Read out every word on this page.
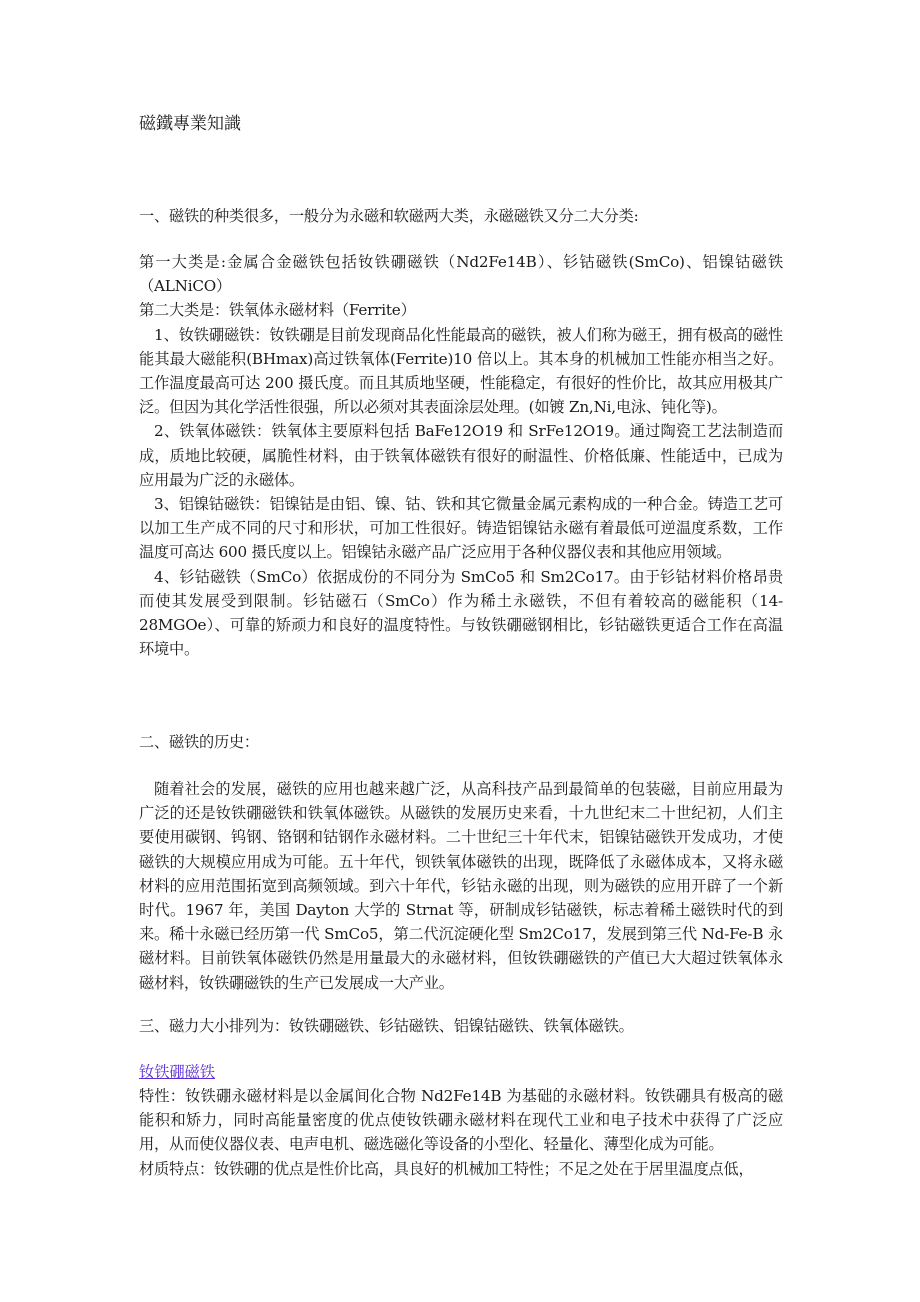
磁鐵專業知識

一、磁铁的种类很多，一般分为永磁和软磁两大类，永磁磁铁又分二大分类:

第一大类是:金属合金磁铁包括钕铁硼磁铁（Nd2Fe14B）、钐钴磁铁(SmCo)、铝镍钴磁铁（ALNiCO）

第二大类是：铁氧体永磁材料（Ferrite）

1、钕铁硼磁铁：钕铁硼是目前发现商品化性能最高的磁铁，被人们称为磁王，拥有极高的磁性能其最大磁能积(BHmax)高过铁氧体(Ferrite)10 倍以上。其本身的机械加工性能亦相当之好。工作温度最高可达 200 摄氏度。而且其质地坚硬，性能稳定，有很好的性价比，故其应用极其广泛。但因为其化学活性很强，所以必须对其表面涂层处理。(如镀 Zn,Ni,电泳、钝化等)。

2、铁氧体磁铁：铁氧体主要原料包括 BaFe12O19 和 SrFe12O19。通过陶瓷工艺法制造而成，质地比较硬，属脆性材料，由于铁氧体磁铁有很好的耐温性、价格低廉、性能适中，已成为应用最为广泛的永磁体。

3、铝镍钴磁铁：铝镍钴是由铝、镍、钴、铁和其它微量金属元素构成的一种合金。铸造工艺可以加工生产成不同的尺寸和形状，可加工性很好。铸造铝镍钴永磁有着最低可逆温度系数，工作温度可高达 600 摄氏度以上。铝镍钴永磁产品广泛应用于各种仪器仪表和其他应用领域。

4、钐钴磁铁（SmCo）依据成份的不同分为 SmCo5 和 Sm2Co17。由于钐钴材料价格昂贵而使其发展受到限制。钐钴磁石（SmCo）作为稀土永磁铁，不但有着较高的磁能积（14-28MGOe）、可靠的矫顽力和良好的温度特性。与钕铁硼磁钢相比，钐钴磁铁更适合工作在高温环境中。

二、磁铁的历史：

随着社会的发展，磁铁的应用也越来越广泛，从高科技产品到最简单的包装磁，目前应用最为广泛的还是钕铁硼磁铁和铁氧体磁铁。从磁铁的发展历史来看，十九世纪末二十世纪初，人们主要使用碳钢、钨钢、铬钢和钴钢作永磁材料。二十世纪三十年代末，铝镍钴磁铁开发成功，才使磁铁的大规模应用成为可能。五十年代，钡铁氧体磁铁的出现，既降低了永磁体成本，又将永磁材料的应用范围拓宽到高频领域。到六十年代，钐钴永磁的出现，则为磁铁的应用开辟了一个新时代。1967 年，美国 Dayton 大学的 Strnat 等，研制成钐钴磁铁，标志着稀土磁铁时代的到来。稀十永磁已经历第一代 SmCo5，第二代沉淀硬化型 Sm2Co17，发展到第三代 Nd-Fe-B 永磁材料。目前铁氧体磁铁仍然是用量最大的永磁材料，但钕铁硼磁铁的产值已大大超过铁氧体永磁材料，钕铁硼磁铁的生产已发展成一大产业。

三、磁力大小排列为：钕铁硼磁铁、钐钴磁铁、铝镍钴磁铁、铁氧体磁铁。

钕铁硼磁铁

特性：钕铁硼永磁材料是以金属间化合物 Nd2Fe14B 为基础的永磁材料。钕铁硼具有极高的磁能积和矫力，同时高能量密度的优点使钕铁硼永磁材料在现代工业和电子技术中获得了广泛应用，从而使仪器仪表、电声电机、磁选磁化等设备的小型化、轻量化、薄型化成为可能。

材质特点：钕铁硼的优点是性价比高，具良好的机械加工特性；不足之处在于居里温度点低，
